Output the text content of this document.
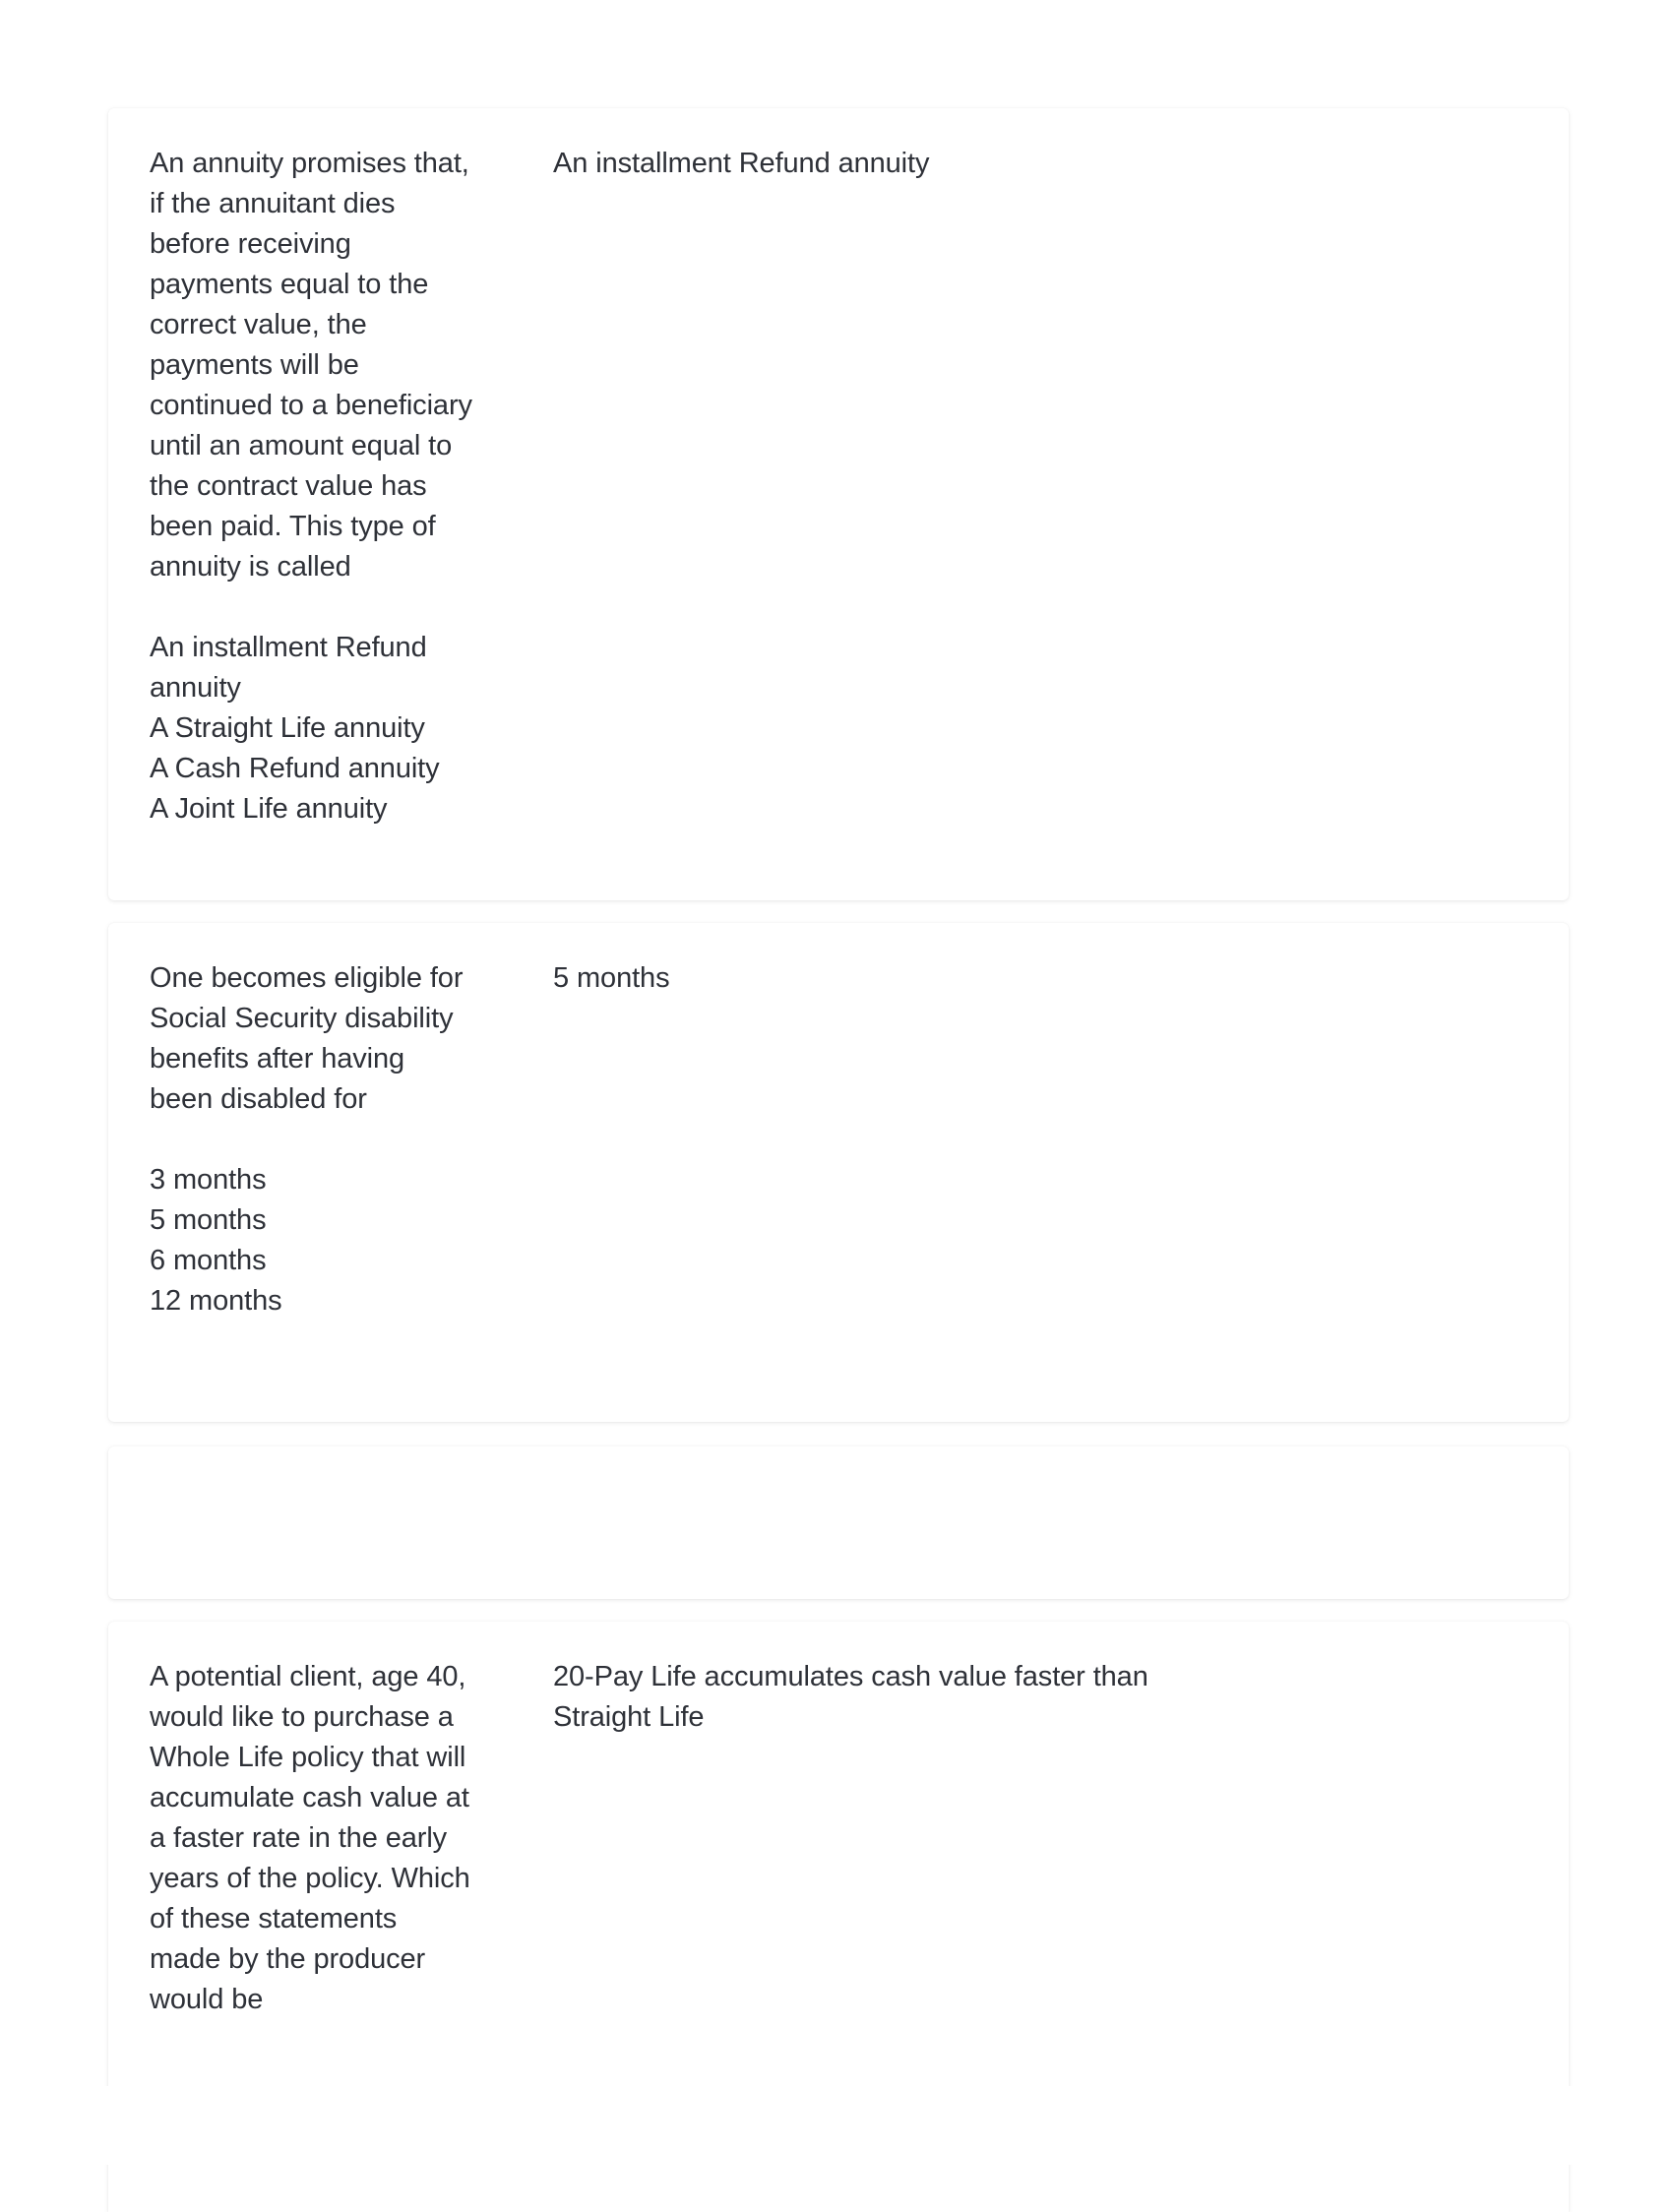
An annuity promises that, if the annuitant dies before receiving payments equal to the correct value, the payments will be continued to a beneficiary until an amount equal to the contract value has been paid. This type of annuity is called

An installment Refund annuity

A Straight Life annuity

A Cash Refund annuity

A Joint Life annuity

An installment Refund annuity

One becomes eligible for Social Security disability benefits after having been disabled for

3 months

5 months

6 months

12 months

5 months

A potential client, age 40, would like to purchase a Whole Life policy that will accumulate cash value at a faster rate in the early years of the policy. Which of these statements made by the producer would be

20-Pay Life accumulates cash value faster than Straight Life
